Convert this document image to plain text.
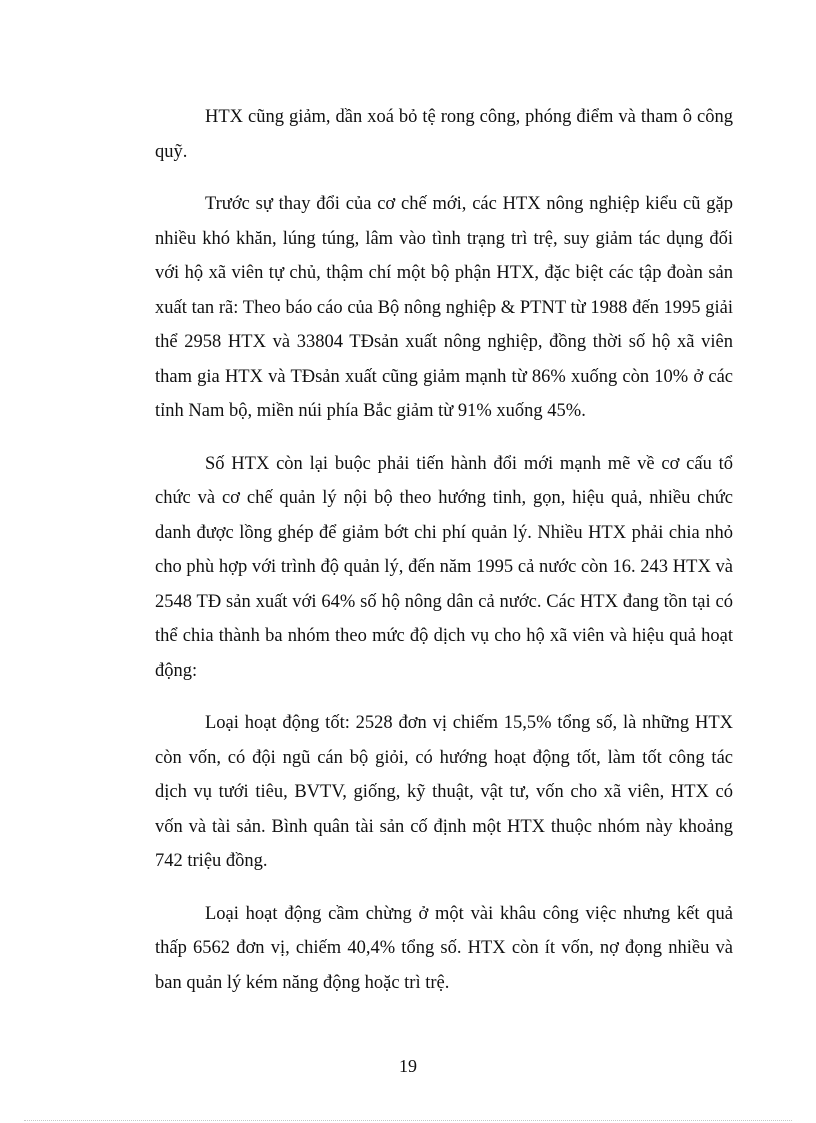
HTX cũng giảm, dần xoá bỏ tệ rong công, phóng điểm và tham ô công quỹ.

Trước sự thay đổi của cơ chế mới, các HTX nông nghiệp kiểu cũ gặp nhiều khó khăn, lúng túng, lâm vào tình trạng trì trệ, suy giảm tác dụng đối với hộ xã viên tự chủ, thậm chí một bộ phận HTX, đặc biệt các tập đoàn sản xuất tan rã: Theo báo cáo của Bộ nông nghiệp & PTNT từ 1988 đến 1995 giải thể 2958 HTX và 33804 TĐsản xuất nông nghiệp, đồng thời số hộ xã viên tham gia HTX và TĐsản xuất cũng giảm mạnh từ 86% xuống còn 10% ở các tỉnh Nam bộ, miền núi phía Bắc giảm từ 91% xuống 45%.

Số HTX còn lại buộc phải tiến hành đổi mới mạnh mẽ về cơ cấu tổ chức và cơ chế quản lý nội bộ theo hướng tinh, gọn, hiệu quả, nhiều chức danh được lồng ghép để giảm bớt chi phí quản lý. Nhiều HTX phải chia nhỏ cho phù hợp với trình độ quản lý, đến năm 1995 cả nước còn 16. 243 HTX và 2548 TĐ sản xuất với 64% số hộ nông dân cả nước. Các HTX đang tồn tại có thể chia thành ba nhóm theo mức độ dịch vụ cho hộ xã viên và hiệu quả hoạt động:

Loại hoạt động tốt: 2528 đơn vị chiếm 15,5% tổng số, là những HTX còn vốn, có đội ngũ cán bộ giỏi, có hướng hoạt động tốt, làm tốt công tác dịch vụ tưới tiêu, BVTV, giống, kỹ thuật, vật tư, vốn cho xã viên, HTX có vốn và tài sản. Bình quân tài sản cố định một HTX thuộc nhóm này khoảng 742 triệu đồng.

Loại hoạt động cầm chừng ở một vài khâu công việc nhưng kết quả thấp 6562 đơn vị, chiếm 40,4% tổng số. HTX còn ít vốn, nợ đọng nhiều và ban quản lý kém năng động hoặc trì trệ.

19
